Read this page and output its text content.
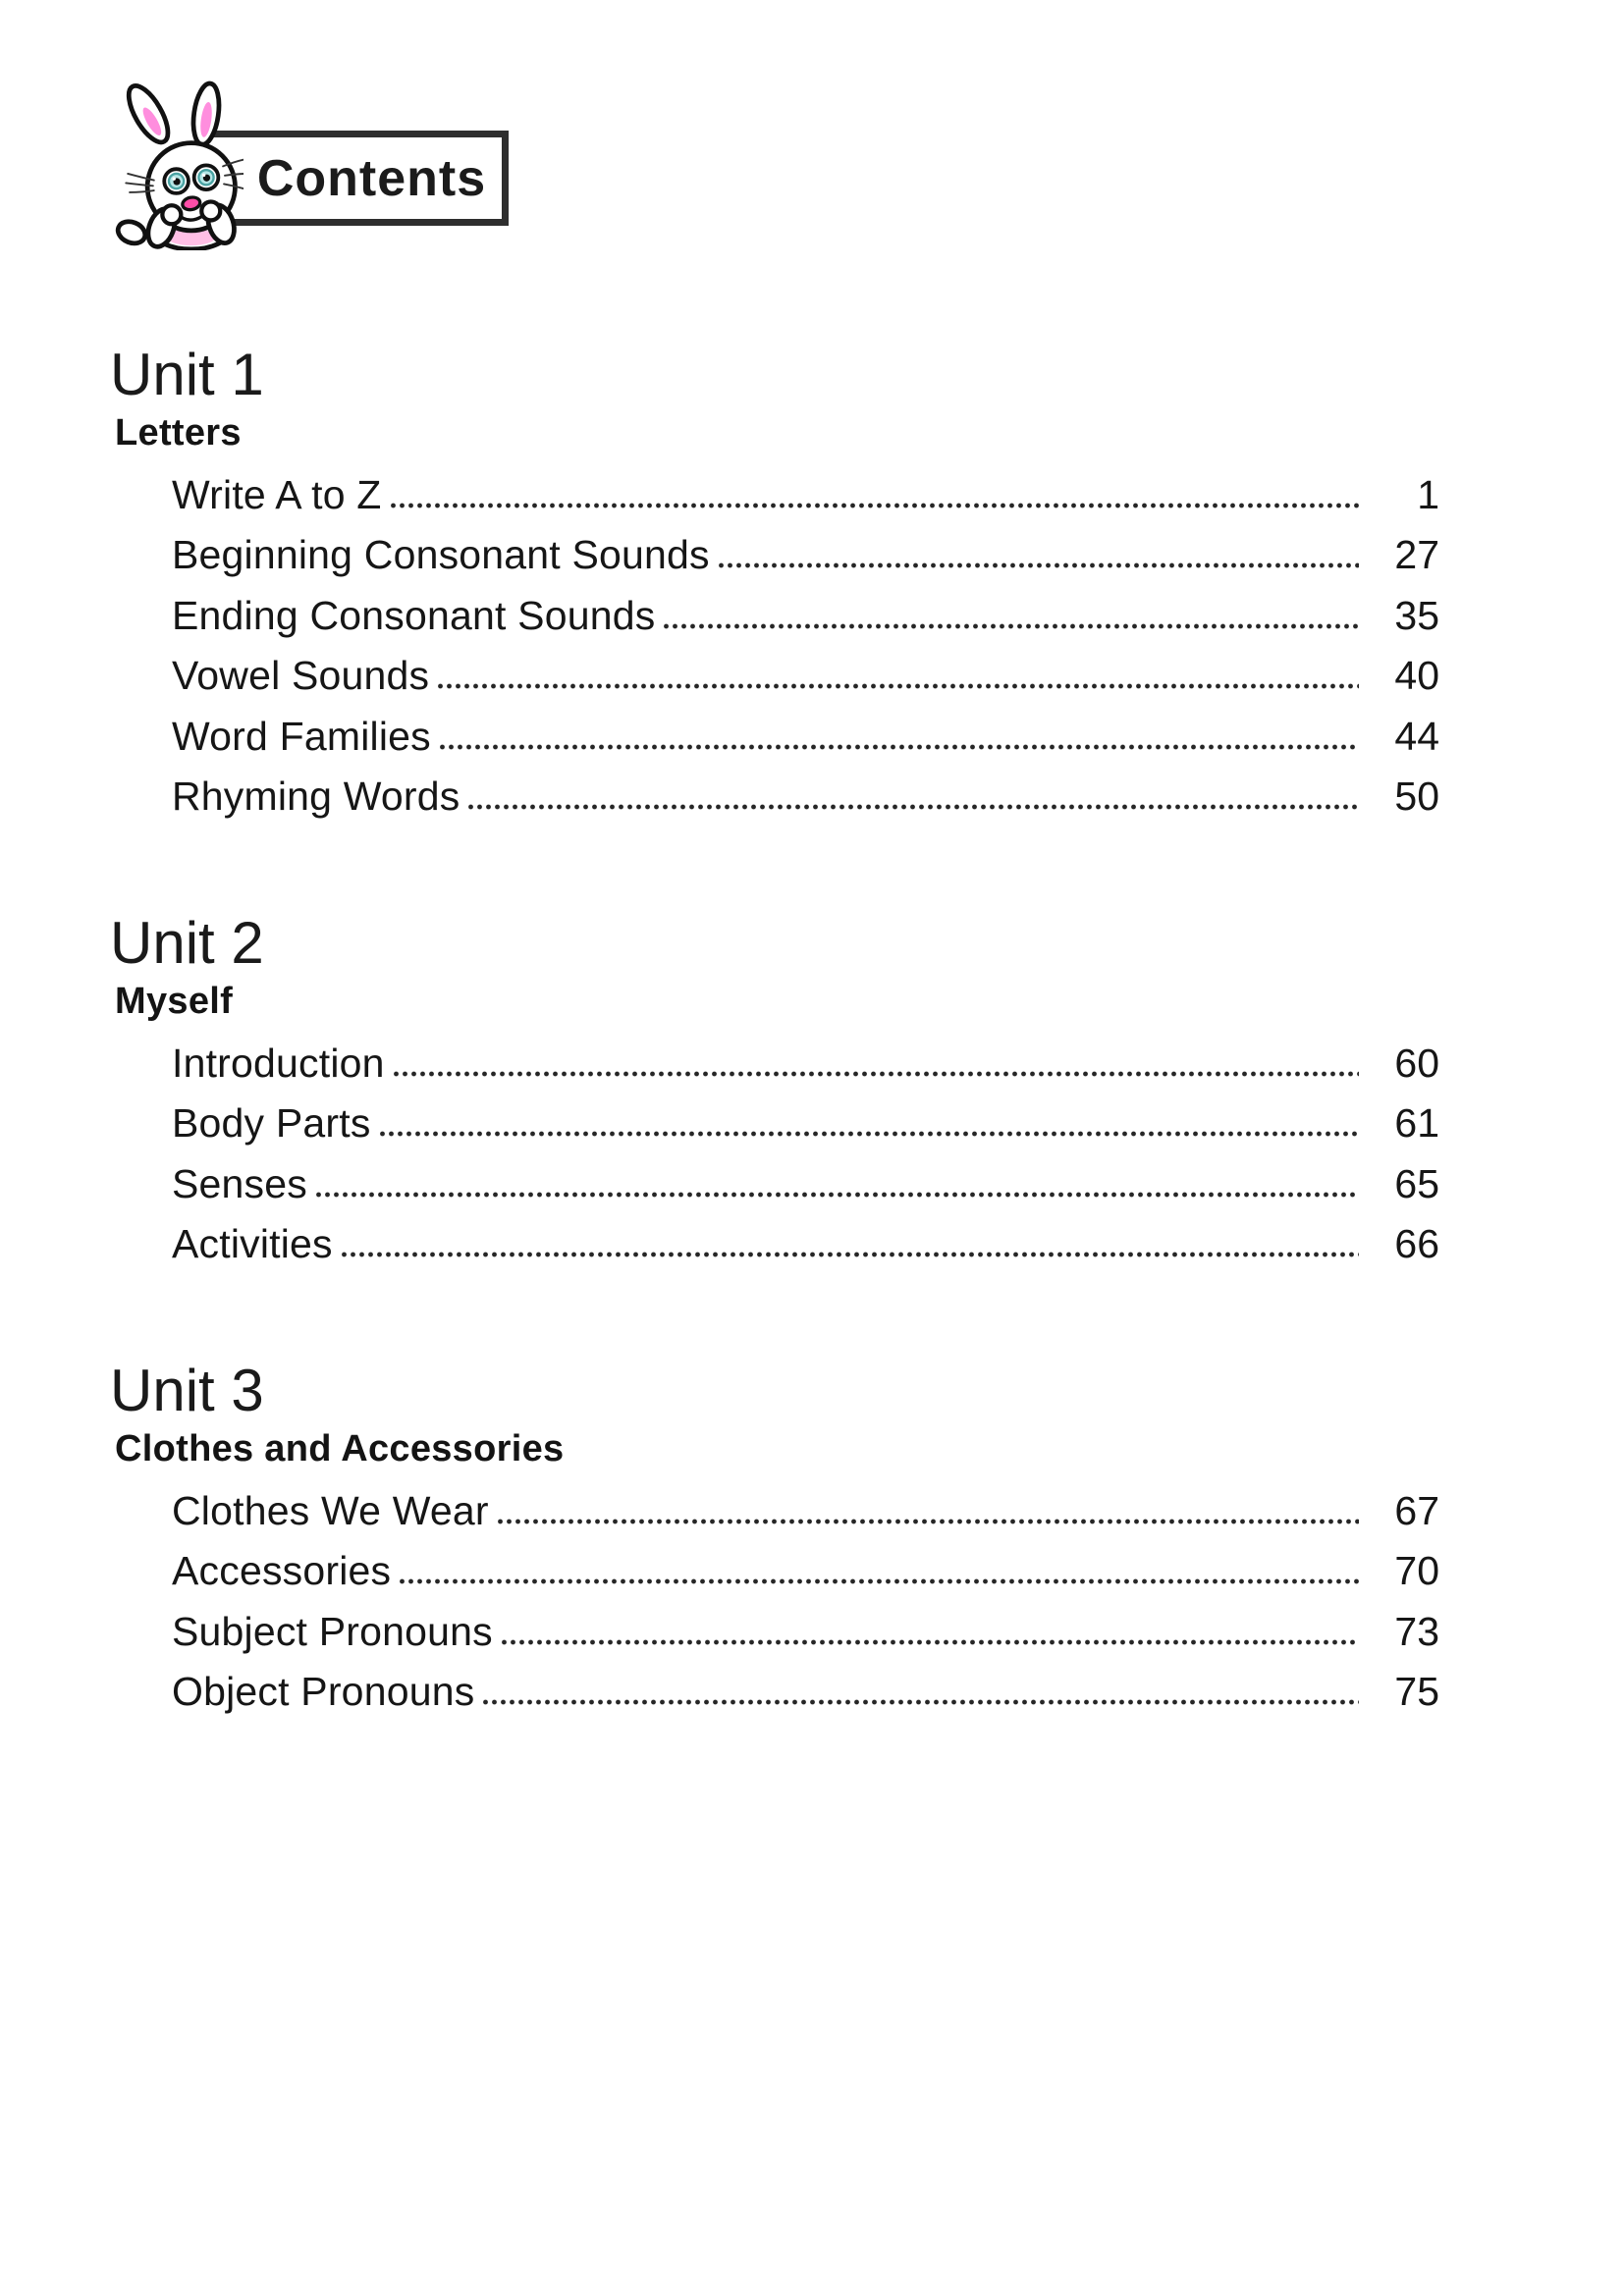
Contents
Unit 1
Letters
Write A to Z	1
Beginning Consonant Sounds	27
Ending Consonant Sounds	35
Vowel Sounds	40
Word Families	44
Rhyming Words	50
Unit 2
Myself
Introduction	60
Body Parts	61
Senses	65
Activities	66
Unit 3
Clothes and Accessories
Clothes We Wear	67
Accessories	70
Subject Pronouns	73
Object Pronouns	75
